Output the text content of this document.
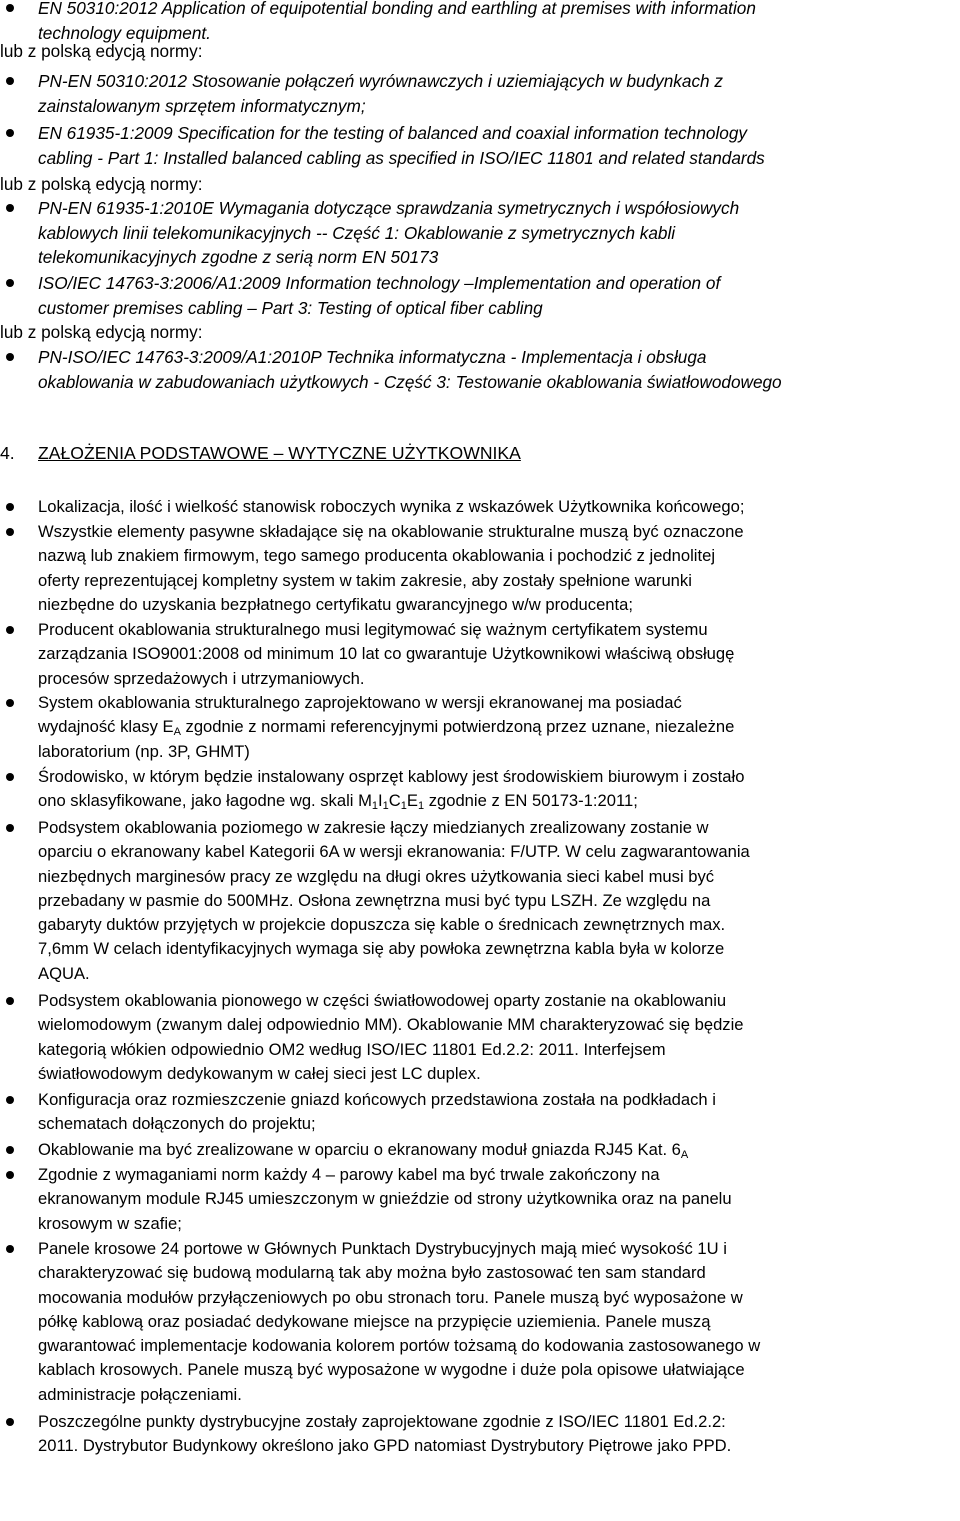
EN 50310:2012 Application of equipotential bonding and earthling at premises with information
technology equipment.
lub z polską edycją normy:
PN-EN 50310:2012 Stosowanie połączeń wyrównawczych i uziemiających w budynkach z
zainstalowanym sprzętem informatycznym;
EN 61935-1:2009 Specification for the testing of balanced and coaxial information technology
cabling - Part 1: Installed balanced cabling as specified in ISO/IEC 11801 and related standards
lub z polską edycją normy:
PN-EN 61935-1:2010E Wymagania dotyczące sprawdzania symetrycznych i współosiowych
kablowych linii telekomunikacyjnych -- Część 1: Okablowanie z symetrycznych kabli
telekomunikacyjnych zgodne z serią norm EN 50173
ISO/IEC 14763-3:2006/A1:2009 Information technology –Implementation and operation of
customer premises cabling – Part 3: Testing of optical fiber cabling
lub z polską edycją normy:
PN-ISO/IEC 14763-3:2009/A1:2010P Technika informatyczna - Implementacja i obsługa
okablowania w zabudowaniach użytkowych - Część 3: Testowanie okablowania światłowodowego
4. ZAŁOŻENIA PODSTAWOWE – WYTYCZNE UŻYTKOWNIKA
Lokalizacja, ilość i wielkość stanowisk roboczych wynika z wskazówek Użytkownika końcowego;
Wszystkie elementy pasywne składające się na okablowanie strukturalne muszą być oznaczone
nazwą lub znakiem firmowym, tego samego producenta okablowania i pochodzić z jednolitej
oferty reprezentującej kompletny system w takim zakresie, aby zostały spełnione warunki
niezbędne do uzyskania bezpłatnego certyfikatu gwarancyjnego w/w producenta;
Producent okablowania strukturalnego musi legitymować się ważnym certyfikatem systemu
zarządzania ISO9001:2008 od minimum 10 lat co gwarantuje Użytkownikowi właściwą obsługę
procesów sprzedażowych i utrzymaniowych.
System okablowania strukturalnego zaprojektowano w wersji ekranowanej ma posiadać
wydajność klasy $E_A$ zgodnie z normami referencyjnymi potwierdzoną przez uznane, niezależne
laboratorium (np. 3P, GHMT)
Środowisko, w którym będzie instalowany osprzęt kablowy jest środowiskiem biurowym i zostało
ono sklasyfikowane, jako łagodne wg. skali $M_1I_1C_1E_1$ zgodnie z EN 50173-1:2011;
Podsystem okablowania poziomego w zakresie łączy miedzianych zrealizowany zostanie w
oparciu o ekranowany kabel Kategorii 6A w wersji ekranowania: F/UTP. W celu zagwarantowania
niezbędnych marginesów pracy ze względu na długi okres użytkowania sieci kabel musi być
przebadany w pasmie do 500MHz. Osłona zewnętrzna musi być typu LSZH. Ze względu na
gabaryty duktów przyjętych w projekcie dopuszcza się kable o średnicach zewnętrznych max.
7,6mm W celach identyfikacyjnych wymaga się aby powłoka zewnętrzna kabla była w kolorze
AQUA.
Podsystem okablowania pionowego w części światłowodowej oparty zostanie na okablowaniu
wielomodowym (zwanym dalej odpowiednio MM). Okablowanie MM charakteryzować się będzie
kategorią włókien odpowiednio OM2 według ISO/IEC 11801 Ed.2.2: 2011. Interfejsem
światłowodowym dedykowanym w całej sieci jest LC duplex.
Konfiguracja oraz rozmieszczenie gniazd końcowych przedstawiona została na podkładach i
schematach dołączonych do projektu;
Okablowanie ma być zrealizowane w oparciu o ekranowany moduł gniazda RJ45 Kat. $6_A$
Zgodnie z wymaganiami norm każdy 4 – parowy kabel ma być trwale zakończony na
ekranowanym module RJ45 umieszczonym w gnieździe od strony użytkownika oraz na panelu
krosowym w szafie;
Panele krosowe 24 portowe w Głównych Punktach Dystrybucyjnych mają mieć wysokość 1U i
charakteryzować się budową modularną tak aby można było zastosować ten sam standard
mocowania modułów przyłączeniowych po obu stronach toru. Panele muszą być wyposażone w
półkę kablową oraz posiadać dedykowane miejsce na przypięcie uziemienia. Panele muszą
gwarantować implementacje kodowania kolorem portów tożsamą do kodowania zastosowanego w
kablach krosowych. Panele muszą być wyposażone w wygodne i duże pola opisowe ułatwiające
administracje połączeniami.
Poszczególne punkty dystrybucyjne zostały zaprojektowane zgodnie z ISO/IEC 11801 Ed.2.2:
2011. Dystrybutor Budynkowy określono jako GPD natomiast Dystrybutory Piętrowe jako PPD.
